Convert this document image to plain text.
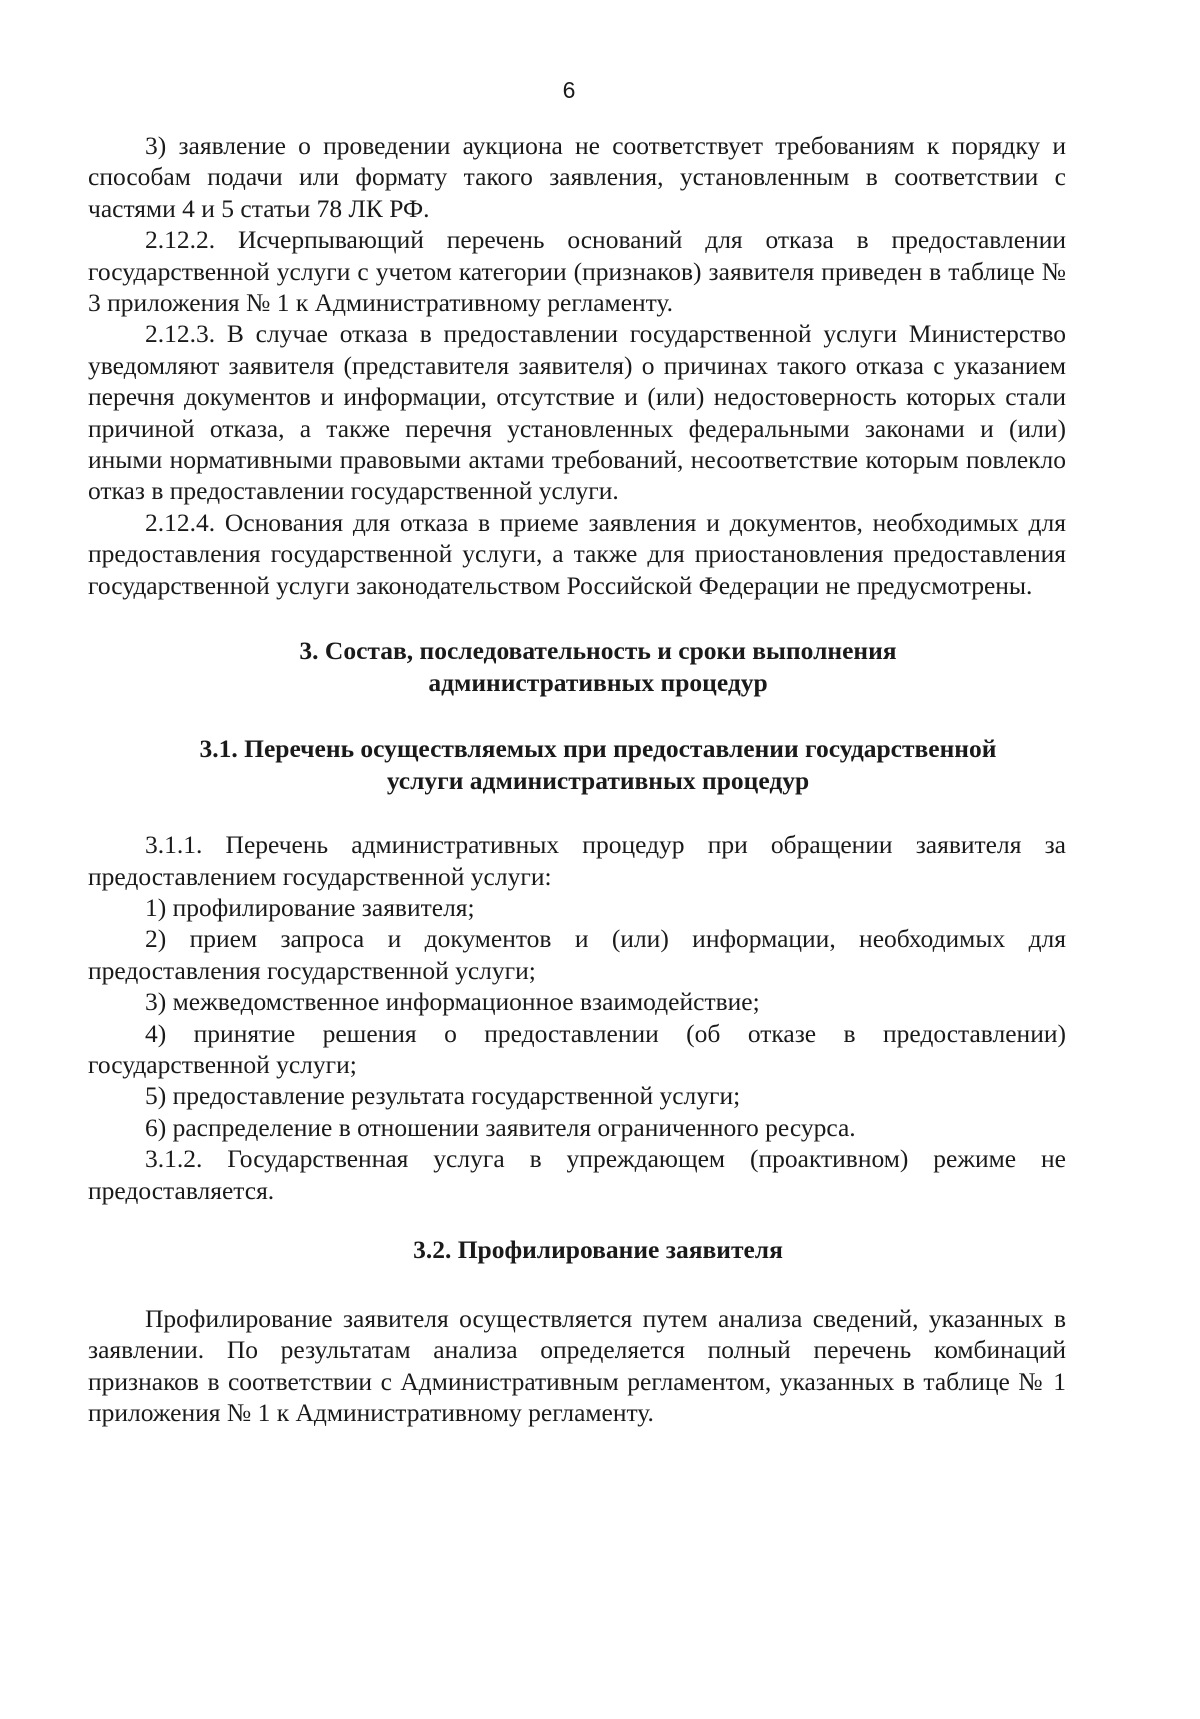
6

3) заявление о проведении аукциона не соответствует требованиям к порядку и способам подачи или формату такого заявления, установленным в соответствии с частями 4 и 5 статьи 78 ЛК РФ.

2.12.2. Исчерпывающий перечень оснований для отказа в предоставлении государственной услуги с учетом категории (признаков) заявителя приведен в таблице № 3 приложения № 1 к Административному регламенту.

2.12.3. В случае отказа в предоставлении государственной услуги Министерство уведомляют заявителя (представителя заявителя) о причинах такого отказа с указанием перечня документов и информации, отсутствие и (или) недостоверность которых стали причиной отказа, а также перечня установленных федеральными законами и (или) иными нормативными правовыми актами требований, несоответствие которым повлекло отказ в предоставлении государственной услуги.

2.12.4. Основания для отказа в приеме заявления и документов, необходимых для предоставления государственной услуги, а также для приостановления предоставления государственной услуги законодательством Российской Федерации не предусмотрены.

3. Состав, последовательность и сроки выполнения
административных процедур
3.1. Перечень осуществляемых при предоставлении государственной
услуги административных процедур

3.1.1. Перечень административных процедур при обращении заявителя за предоставлением государственной услуги:

1) профилирование заявителя;

2) прием запроса и документов и (или) информации, необходимых для предоставления государственной услуги;

3) межведомственное информационное взаимодействие;

4) принятие решения о предоставлении (об отказе в предоставлении) государственной услуги;

5) предоставление результата государственной услуги;

6) распределение в отношении заявителя ограниченного ресурса.

3.1.2. Государственная услуга в упреждающем (проактивном) режиме не предоставляется.

3.2. Профилирование заявителя

Профилирование заявителя осуществляется путем анализа сведений, указанных в заявлении. По результатам анализа определяется полный перечень комбинаций признаков в соответствии с Административным регламентом, указанных в таблице № 1 приложения № 1 к Административному регламенту.
